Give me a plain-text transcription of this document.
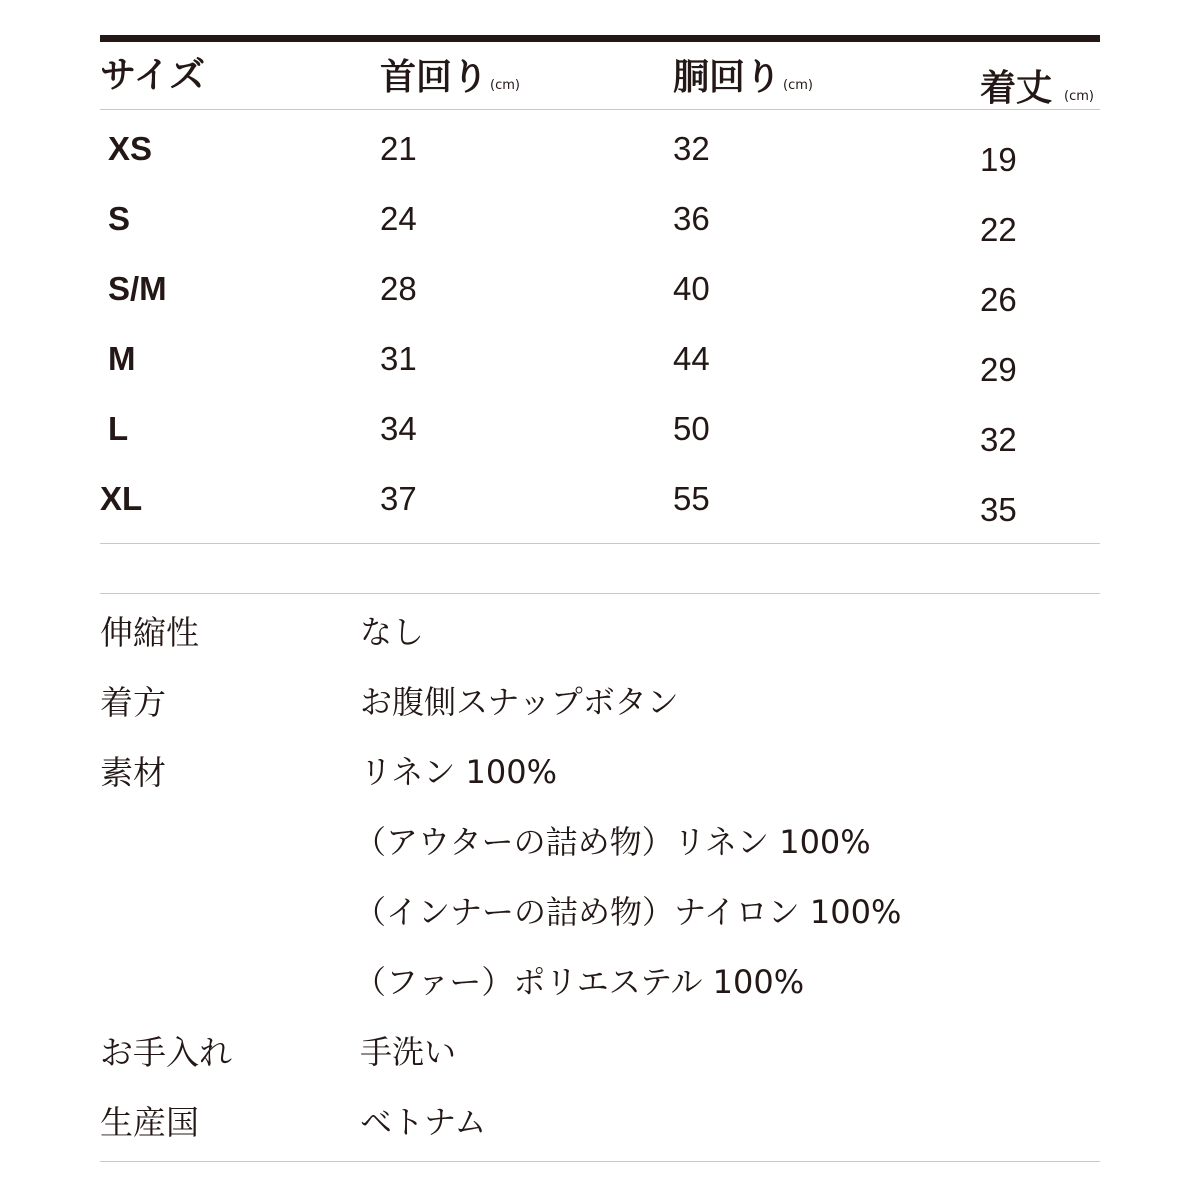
サイズ	首回り (cm)	胴回り (cm)	着丈 (cm)
XS	21	32	19
S	24	36	22
S/M	28	40	26
M	31	44	29
L	34	50	32
XL	37	55	35
伸縮性	なし
着方	お腹側スナップボタン
素材	リネン 100%
（アウターの詰め物）リネン 100%
（インナーの詰め物）ナイロン 100%
（ファー）ポリエステル 100%
お手入れ	手洗い
生産国	ベトナム
